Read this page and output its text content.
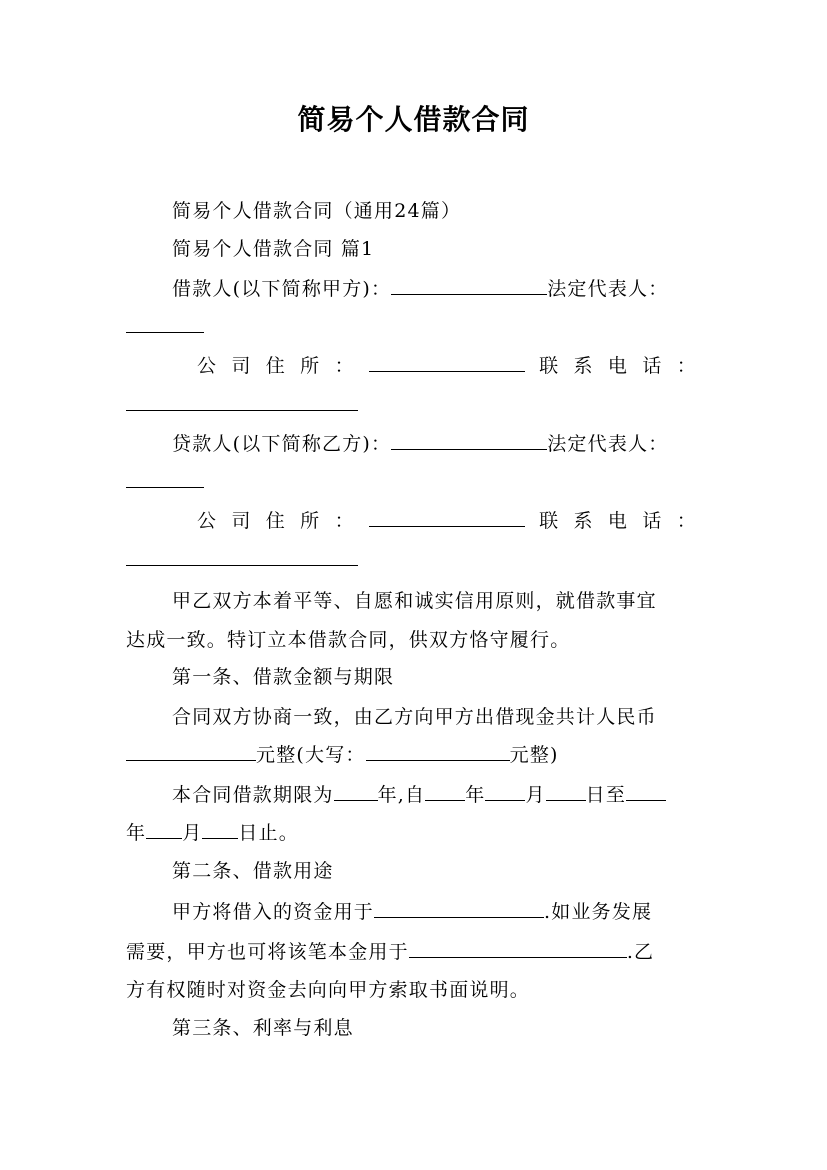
简易个人借款合同
简易个人借款合同（通用24篇）
简易个人借款合同 篇1
借款人(以下简称甲方)：	法定代表人：
公 司 住 所 ：	联 系 电 话 ：
贷款人(以下简称乙方)：	法定代表人：
公 司 住 所 ：	联 系 电 话 ：
甲乙双方本着平等、自愿和诚实信用原则，就借款事宜
达成一致。特订立本借款合同，供双方恪守履行。
第一条、借款金额与期限
合同双方协商一致，由乙方向甲方出借现金共计人民币
元整(大写：	元整)
本合同借款期限为 年,自 年 月 日至
年 月 日止。
第二条、借款用途
甲方将借入的资金用于	.如业务发展
需要，甲方也可将该笔本金用于	.乙
方有权随时对资金去向向甲方索取书面说明。
第三条、利率与利息
